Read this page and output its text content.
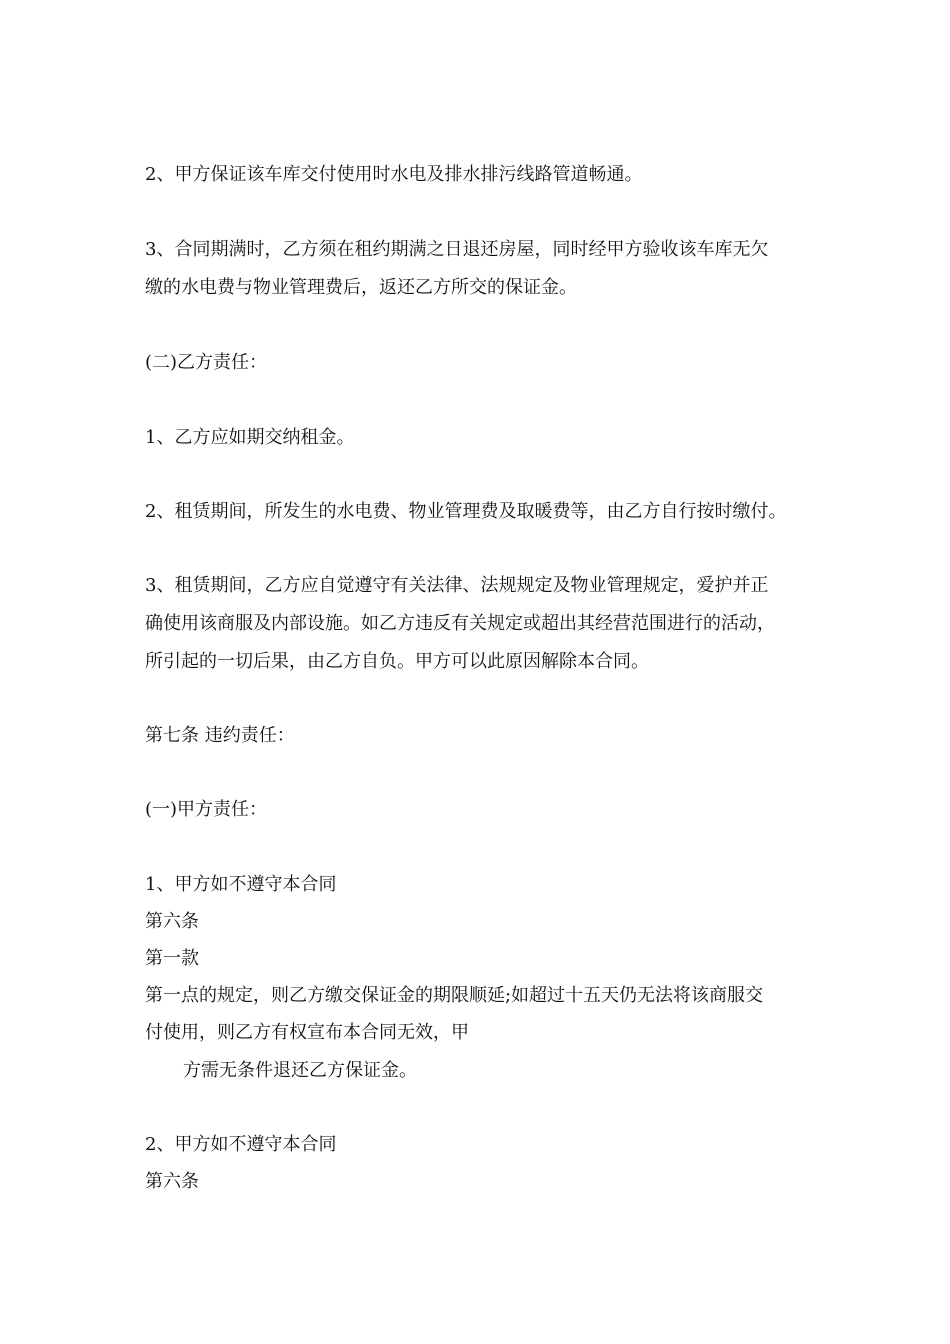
2、甲方保证该车库交付使用时水电及排水排污线路管道畅通。

3、合同期满时，乙方须在租约期满之日退还房屋，同时经甲方验收该车库无欠

缴的水电费与物业管理费后，返还乙方所交的保证金。

(二)乙方责任：

1、乙方应如期交纳租金。

2、租赁期间，所发生的水电费、物业管理费及取暖费等，由乙方自行按时缴付。

3、租赁期间，乙方应自觉遵守有关法律、法规规定及物业管理规定，爱护并正

确使用该商服及内部设施。如乙方违反有关规定或超出其经营范围进行的活动，

所引起的一切后果，由乙方自负。甲方可以此原因解除本合同。

第七条 违约责任：

(一)甲方责任：

1、甲方如不遵守本合同

第六条

第一款

第一点的规定，则乙方缴交保证金的期限顺延;如超过十五天仍无法将该商服交

付使用，则乙方有权宣布本合同无效，甲

方需无条件退还乙方保证金。

2、甲方如不遵守本合同

第六条
